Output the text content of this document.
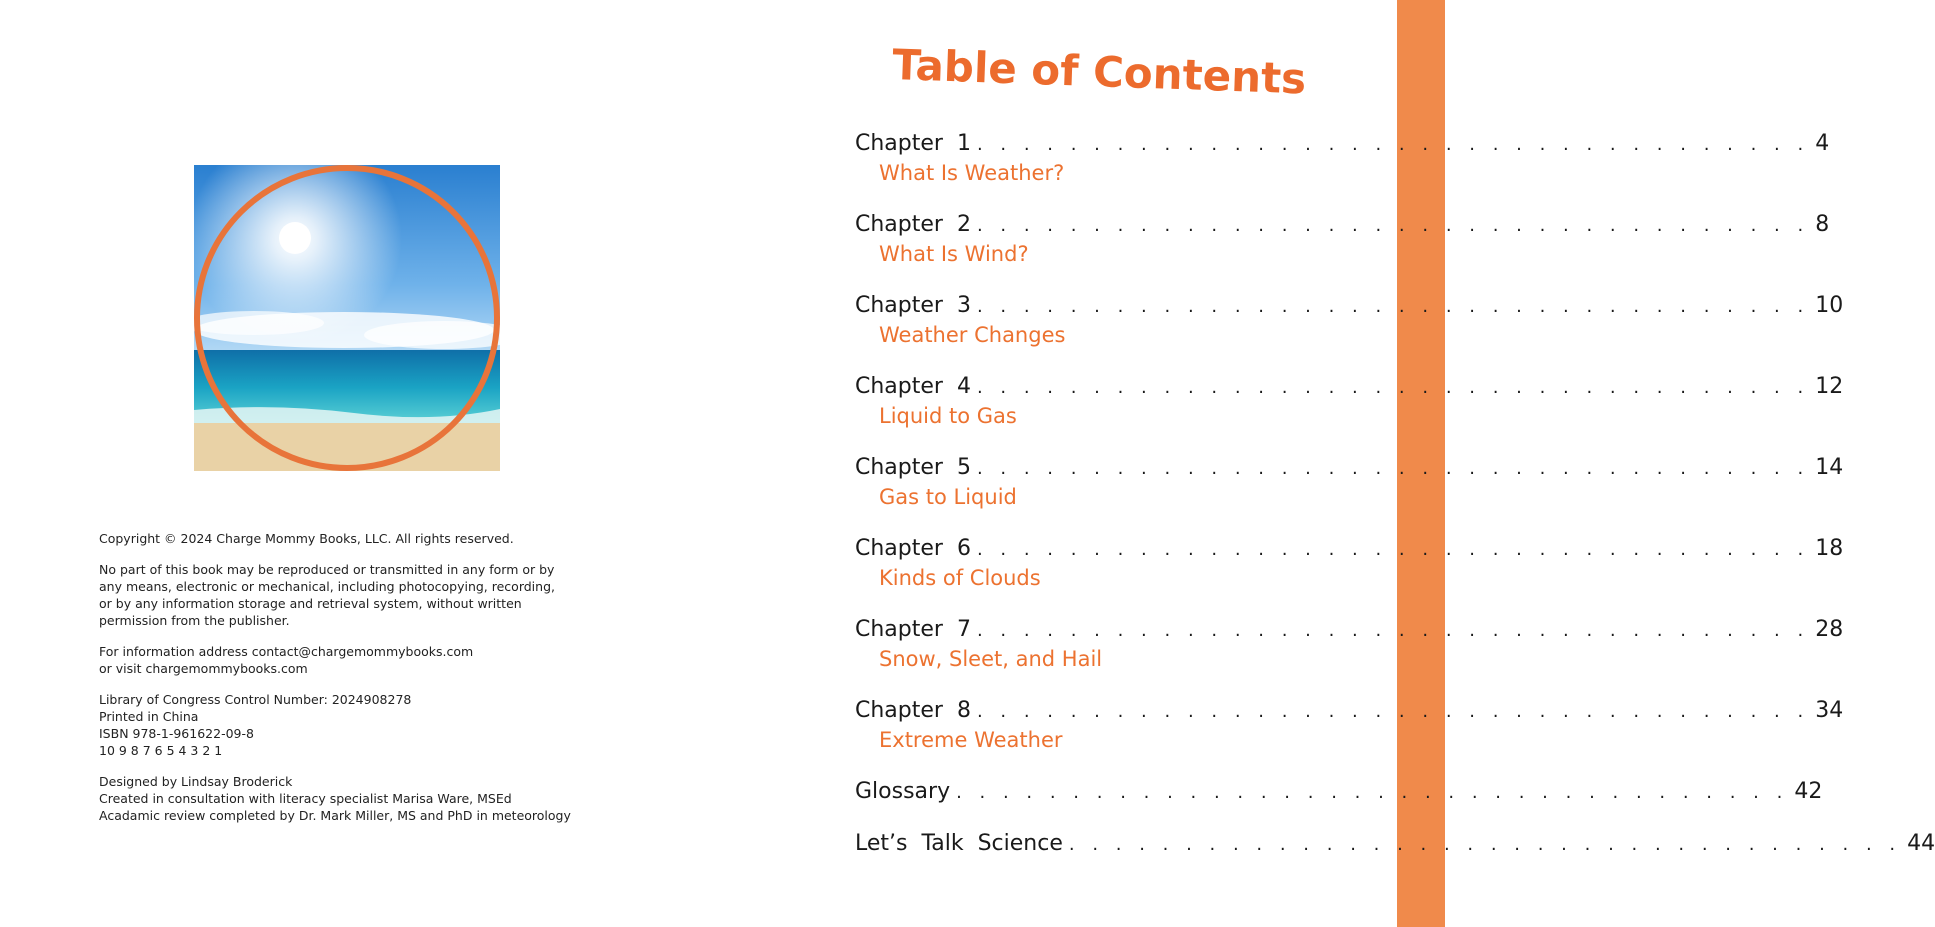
Copyright © 2024 Charge Mommy Books, LLC. All rights reserved.

No part of this book may be reproduced or transmitted in any form or by
any means, electronic or mechanical, including photocopying, recording,
or by any information storage and retrieval system, without written
permission from the publisher.

For information address contact@chargemommybooks.com
or visit chargemommybooks.com

Library of Congress Control Number: 2024908278
Printed in China
ISBN 978-1-961622-09-8
10 9 8 7 6 5 4 3 2 1

Designed by Lindsay Broderick
Created in consultation with literacy specialist Marisa Ware, MSEd
Acadamic review completed by Dr. Mark Miller, MS and PhD in meteorology

Table of Contents
Chapter  1 . . . . . . . . . . . . . . . . . . . . . . . . . . . . . . . . . . . . 4
What Is Weather?
Chapter  2 . . . . . . . . . . . . . . . . . . . . . . . . . . . . . . . . . . . . 8
What Is Wind?
Chapter  3 . . . . . . . . . . . . . . . . . . . . . . . . . . . . . . . . . . . . 10
Weather Changes
Chapter  4 . . . . . . . . . . . . . . . . . . . . . . . . . . . . . . . . . . . . 12
Liquid to Gas
Chapter  5 . . . . . . . . . . . . . . . . . . . . . . . . . . . . . . . . . . . . 14
Gas to Liquid
Chapter  6 . . . . . . . . . . . . . . . . . . . . . . . . . . . . . . . . . . . . 18
Kinds of Clouds
Chapter  7 . . . . . . . . . . . . . . . . . . . . . . . . . . . . . . . . . . . . 28
Snow, Sleet, and Hail
Chapter  8 . . . . . . . . . . . . . . . . . . . . . . . . . . . . . . . . . . . . 34
Extreme Weather
Glossary . . . . . . . . . . . . . . . . . . . . . . . . . . . . . . . . . . . . 42
Let’s  Talk  Science . . . . . . . . . . . . . . . . . . . . . . . . . . . . . . . . . . . . 44
